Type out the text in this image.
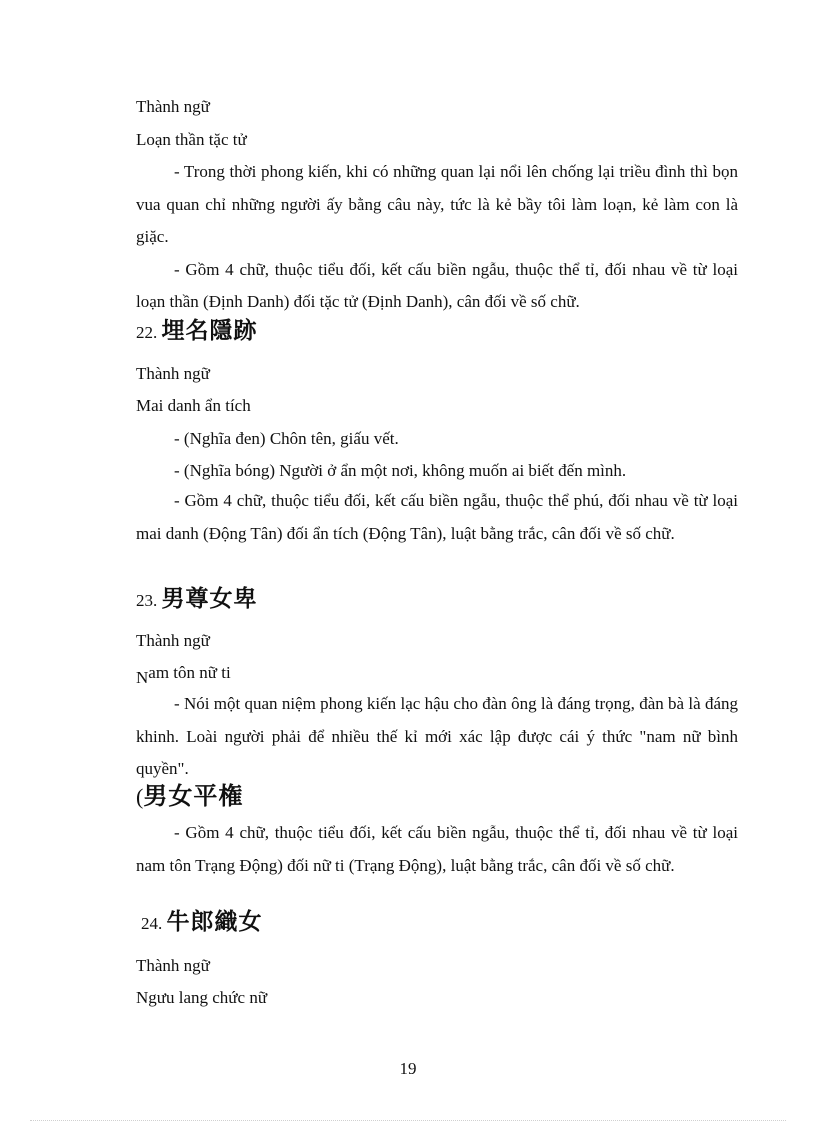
Thành ngữ
Loạn thần tặc tử

- Trong thời phong kiến, khi có những quan lại nổi lên chống lại triều đình thì bọn vua quan chỉ những người ấy bằng câu này, tức là kẻ bầy tôi làm loạn, kẻ làm con là giặc.

- Gồm 4 chữ, thuộc tiểu đối, kết cấu biền ngẫu, thuộc thể tỉ, đối nhau về từ loại loạn thần (Định Danh) đối tặc tử (Định Danh), cân đối về số chữ.

22. 埋名隱跡
Thành ngữ
Mai danh ẩn tích
- (Nghĩa đen) Chôn tên, giấu vết.
- (Nghĩa bóng) Người ở ẩn một nơi, không muốn ai biết đến mình.

- Gồm 4 chữ, thuộc tiểu đối, kết cấu biền ngẫu, thuộc thể phú, đối nhau về từ loại mai danh (Động Tân) đối ẩn tích (Động Tân), luật bằng trắc, cân đối về số chữ.

23. 男尊女卑
Thành ngữ
Nam tôn nữ ti

- Nói một quan niệm phong kiến lạc hậu cho đàn ông là đáng trọng, đàn bà là đáng khinh. Loài người phải để nhiều thế kỉ mới xác lập được cái ý thức "nam nữ bình quyền".

(男女平権

- Gồm 4 chữ, thuộc tiểu đối, kết cấu biền ngẫu, thuộc thể tỉ, đối nhau về từ loại nam tôn Trạng Động) đối nữ ti (Trạng Động), luật bằng trắc, cân đối về số chữ.

24. 牛郎織女
Thành ngữ
Ngưu lang chức nữ
19
